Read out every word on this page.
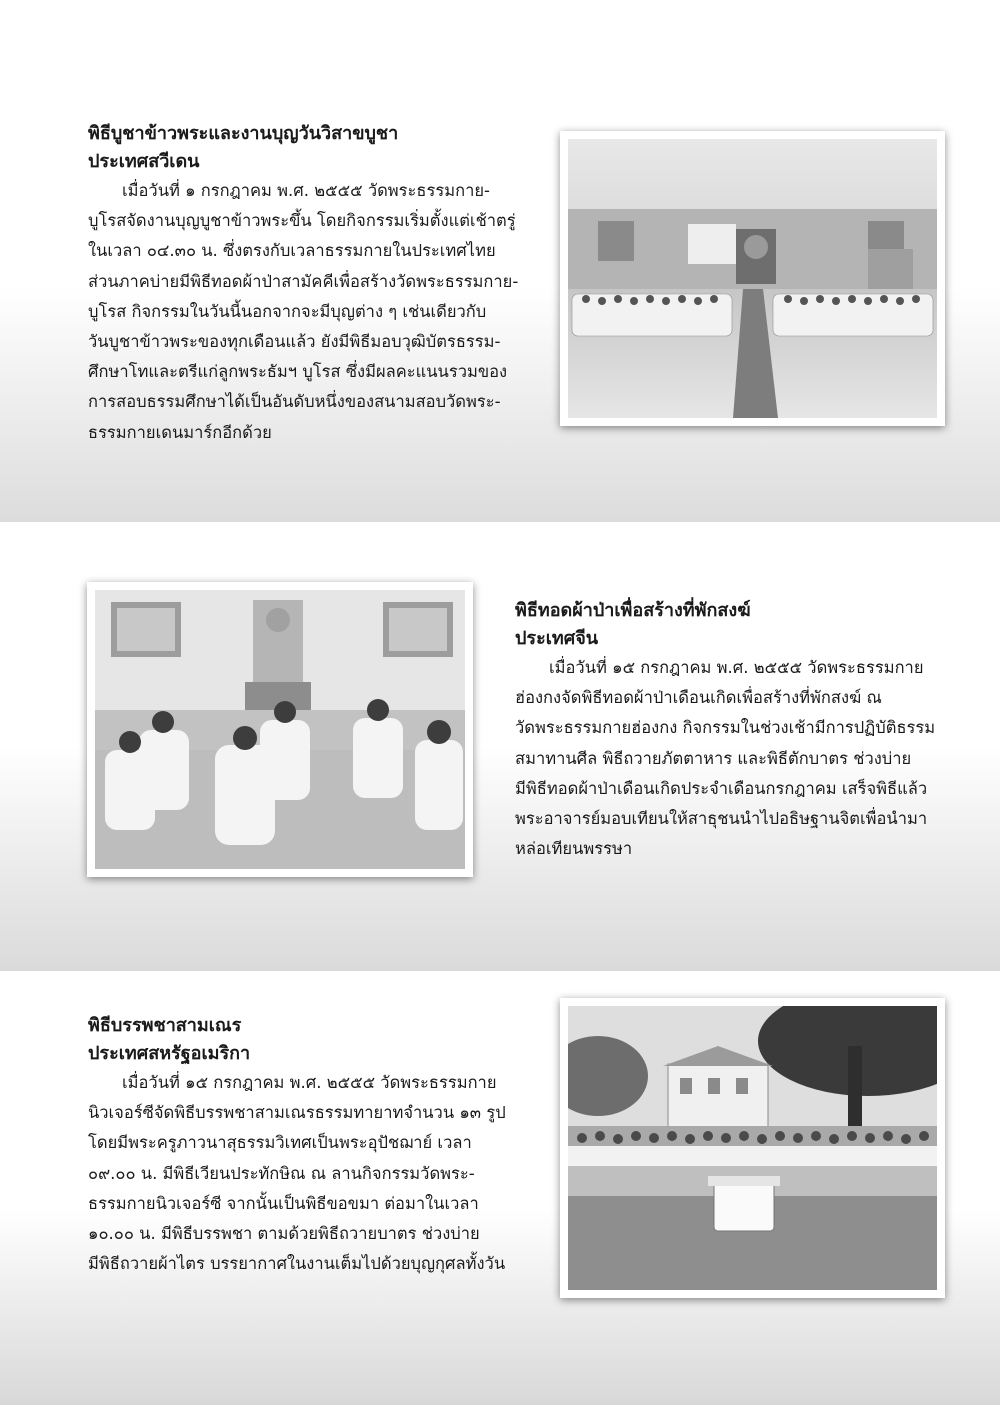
พิธีบูชาข้าวพระและงานบุญวันวิสาขบูชา
ประเทศสวีเดน
เมื่อวันที่ ๑ กรกฎาคม พ.ศ. ๒๕๕๕ วัดพระธรรมกาย-
บูโรสจัดงานบุญบูชาข้าวพระขึ้น โดยกิจกรรมเริ่มตั้งแต่เช้าตรู่
ในเวลา ๐๔.๓๐ น. ซึ่งตรงกับเวลาธรรมกายในประเทศไทย
ส่วนภาคบ่ายมีพิธีทอดผ้าป่าสามัคคีเพื่อสร้างวัดพระธรรมกาย-
บูโรส กิจกรรมในวันนี้นอกจากจะมีบุญต่าง ๆ เช่นเดียวกับ
วันบูชาข้าวพระของทุกเดือนแล้ว ยังมีพิธีมอบวุฒิบัตรธรรม-
ศึกษาโทและตรีแก่ลูกพระธัมฯ บูโรส ซึ่งมีผลคะแนนรวมของ
การสอบธรรมศึกษาได้เป็นอันดับหนึ่งของสนามสอบวัดพระ-
ธรรมกายเดนมาร์กอีกด้วย
พิธีทอดผ้าป่าเพื่อสร้างที่พักสงฆ์
ประเทศจีน
เมื่อวันที่ ๑๕ กรกฎาคม พ.ศ. ๒๕๕๕ วัดพระธรรมกาย
ฮ่องกงจัดพิธีทอดผ้าป่าเดือนเกิดเพื่อสร้างที่พักสงฆ์ ณ
วัดพระธรรมกายฮ่องกง กิจกรรมในช่วงเช้ามีการปฏิบัติธรรม
สมาทานศีล พิธีถวายภัตตาหาร และพิธีตักบาตร ช่วงบ่าย
มีพิธีทอดผ้าป่าเดือนเกิดประจำเดือนกรกฎาคม เสร็จพิธีแล้ว
พระอาจารย์มอบเทียนให้สาธุชนนำไปอธิษฐานจิตเพื่อนำมา
หล่อเทียนพรรษา
พิธีบรรพชาสามเณร
ประเทศสหรัฐอเมริกา
เมื่อวันที่ ๑๕ กรกฎาคม พ.ศ. ๒๕๕๕ วัดพระธรรมกาย
นิวเจอร์ซีจัดพิธีบรรพชาสามเณรธรรมทายาทจำนวน ๑๓ รูป
โดยมีพระครูภาวนาสุธรรมวิเทศเป็นพระอุปัชฌาย์ เวลา
๐๙.๐๐ น. มีพิธีเวียนประทักษิณ ณ ลานกิจกรรมวัดพระ-
ธรรมกายนิวเจอร์ซี จากนั้นเป็นพิธีขอขมา ต่อมาในเวลา
๑๐.๐๐ น. มีพิธีบรรพชา ตามด้วยพิธีถวายบาตร ช่วงบ่าย
มีพิธีถวายผ้าไตร บรรยากาศในงานเต็มไปด้วยบุญกุศลทั้งวัน
